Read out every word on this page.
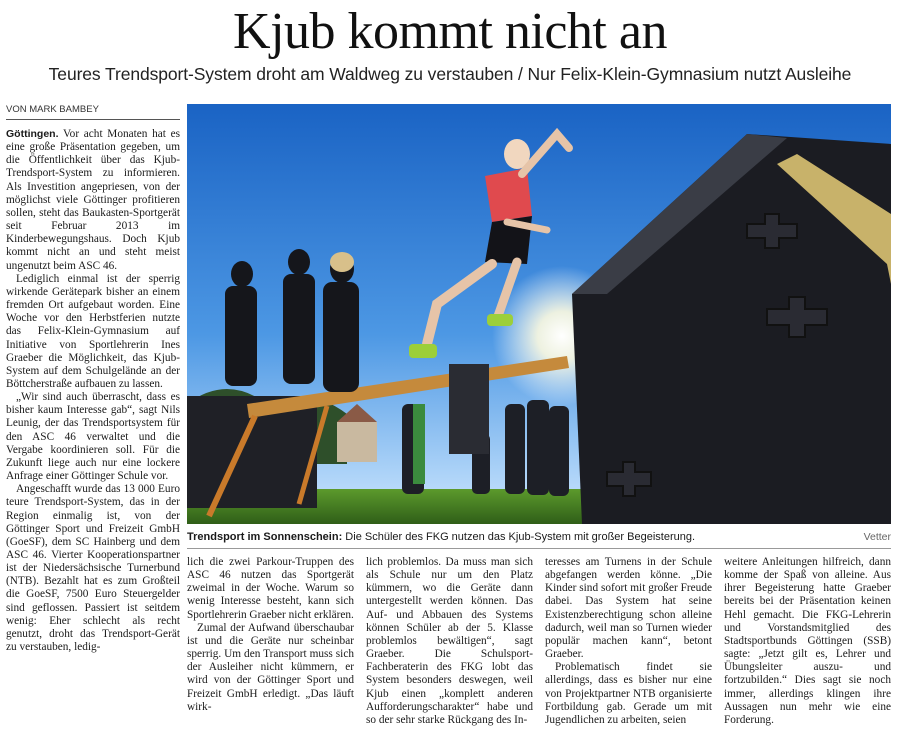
Kjub kommt nicht an
Teures Trendsport-System droht am Waldweg zu verstauben / Nur Felix-Klein-Gymnasium nutzt Ausleihe
VON MARK BAMBEY

Göttingen. Vor acht Monaten hat es eine große Präsentation gegeben, um die Öffentlichkeit über das Kjub-Trendsport-System zu informieren. Als Investition angepriesen, von der möglichst viele Göttinger profitieren sollen, steht das Baukasten-Sportgerät seit Februar 2013 im Kinderbewegungshaus. Doch Kjub kommt nicht an und steht meist ungenutzt beim ASC 46.

Lediglich einmal ist der sperrig wirkende Gerätepark bisher an einem fremden Ort aufgebaut worden. Eine Woche vor den Herbstferien nutzte das Felix-Klein-Gymnasium auf Initiative von Sportlehrerin Ines Graeber die Möglichkeit, das Kjub-System auf dem Schulgelände an der Böttcherstraße aufbauen zu lassen.

„Wir sind auch überrascht, dass es bisher kaum Interesse gab“, sagt Nils Leunig, der das Trendsportsystem für den ASC 46 verwaltet und die Vergabe koordinieren soll. Für die Zukunft liege auch nur eine lockere Anfrage einer Göttinger Schule vor.

Angeschafft wurde das 13 000 Euro teure Trendsport-System, das in der Region einmalig ist, von der Göttinger Sport und Freizeit GmbH (GoeSF), dem SC Hainberg und dem ASC 46. Vierter Kooperationspartner ist der Niedersächsische Turnerbund (NTB). Bezahlt hat es zum Großteil die GoeSF, 7500 Euro Steuergelder sind geflossen. Passiert ist seitdem wenig: Eher schlecht als recht genutzt, droht das Trendsport-Gerät zu verstauben, ledig-

Trendsport im Sonnenschein: Die Schüler des FKG nutzen das Kjub-System mit großer Begeisterung.	Vetter

lich die zwei Parkour-Truppen des ASC 46 nutzen das Sportgerät zweimal in der Woche. Warum so wenig Interesse besteht, kann sich Sportlehrerin Graeber nicht erklären.

Zumal der Aufwand überschaubar ist und die Geräte nur scheinbar sperrig. Um den Transport muss sich der Ausleiher nicht kümmern, er wird von der Göttinger Sport und Freizeit GmbH erledigt. „Das läuft wirk-

lich problemlos. Da muss man sich als Schule nur um den Platz kümmern, wo die Geräte dann untergestellt werden können. Das Auf- und Abbauen des Systems können Schüler ab der 5. Klasse problemlos bewältigen“, sagt Graeber. Die Schulsport-Fachberaterin des FKG lobt das System besonders deswegen, weil Kjub einen „komplett anderen Aufforderungscharakter“ habe und so der sehr starke Rückgang des In-

teresses am Turnens in der Schule abgefangen werden könne. „Die Kinder sind sofort mit großer Freude dabei. Das System hat seine Existenzberechtigung schon alleine dadurch, weil man so Turnen wieder populär machen kann“, betont Graeber.

Problematisch findet sie allerdings, dass es bisher nur eine von Projektpartner NTB organisierte Fortbildung gab. Gerade um mit Jugendlichen zu arbeiten, seien

weitere Anleitungen hilfreich, dann komme der Spaß von alleine. Aus ihrer Begeisterung hatte Graeber bereits bei der Präsentation keinen Hehl gemacht. Die FKG-Lehrerin und Vorstandsmitglied des Stadtsportbunds Göttingen (SSB) sagte: „Jetzt gilt es, Lehrer und Übungsleiter auszu- und fortzubilden.“ Dies sagt sie noch immer, allerdings klingen ihre Aussagen nun mehr wie eine Forderung.
